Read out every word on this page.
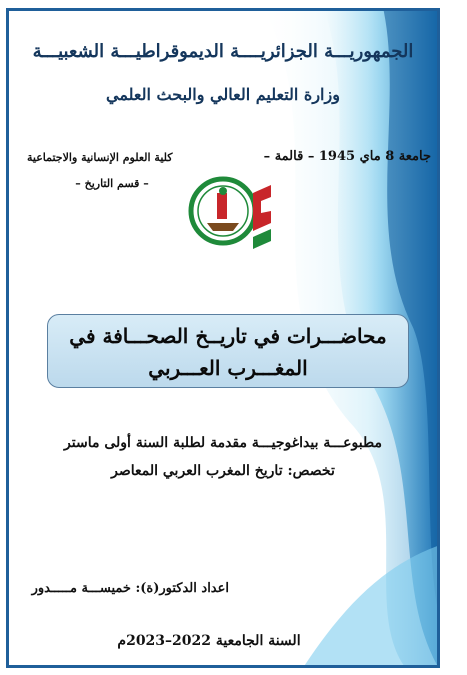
الجمهوريـــة الجزائريــــة الديموقراطيـــة الشعبيـــة
وزارة التعليم العالي والبحث العلمي
جامعة 8 ماي 1945 – قالمة –
كلية العلوم الإنسانية والاجتماعية
– قسم التاريخ –
محاضـــرات في تاريــخ الصحـــافة في
المغـــرب العـــربي
مطبوعـــة بيداغوجيـــة مقدمة لطلبة السنة أولى ماستر
تخصص: تاريخ المغرب العربي المعاصر
اعداد الدكتور(ة): خميســـة مـــــدور
السنة الجامعية 2022–2023م
